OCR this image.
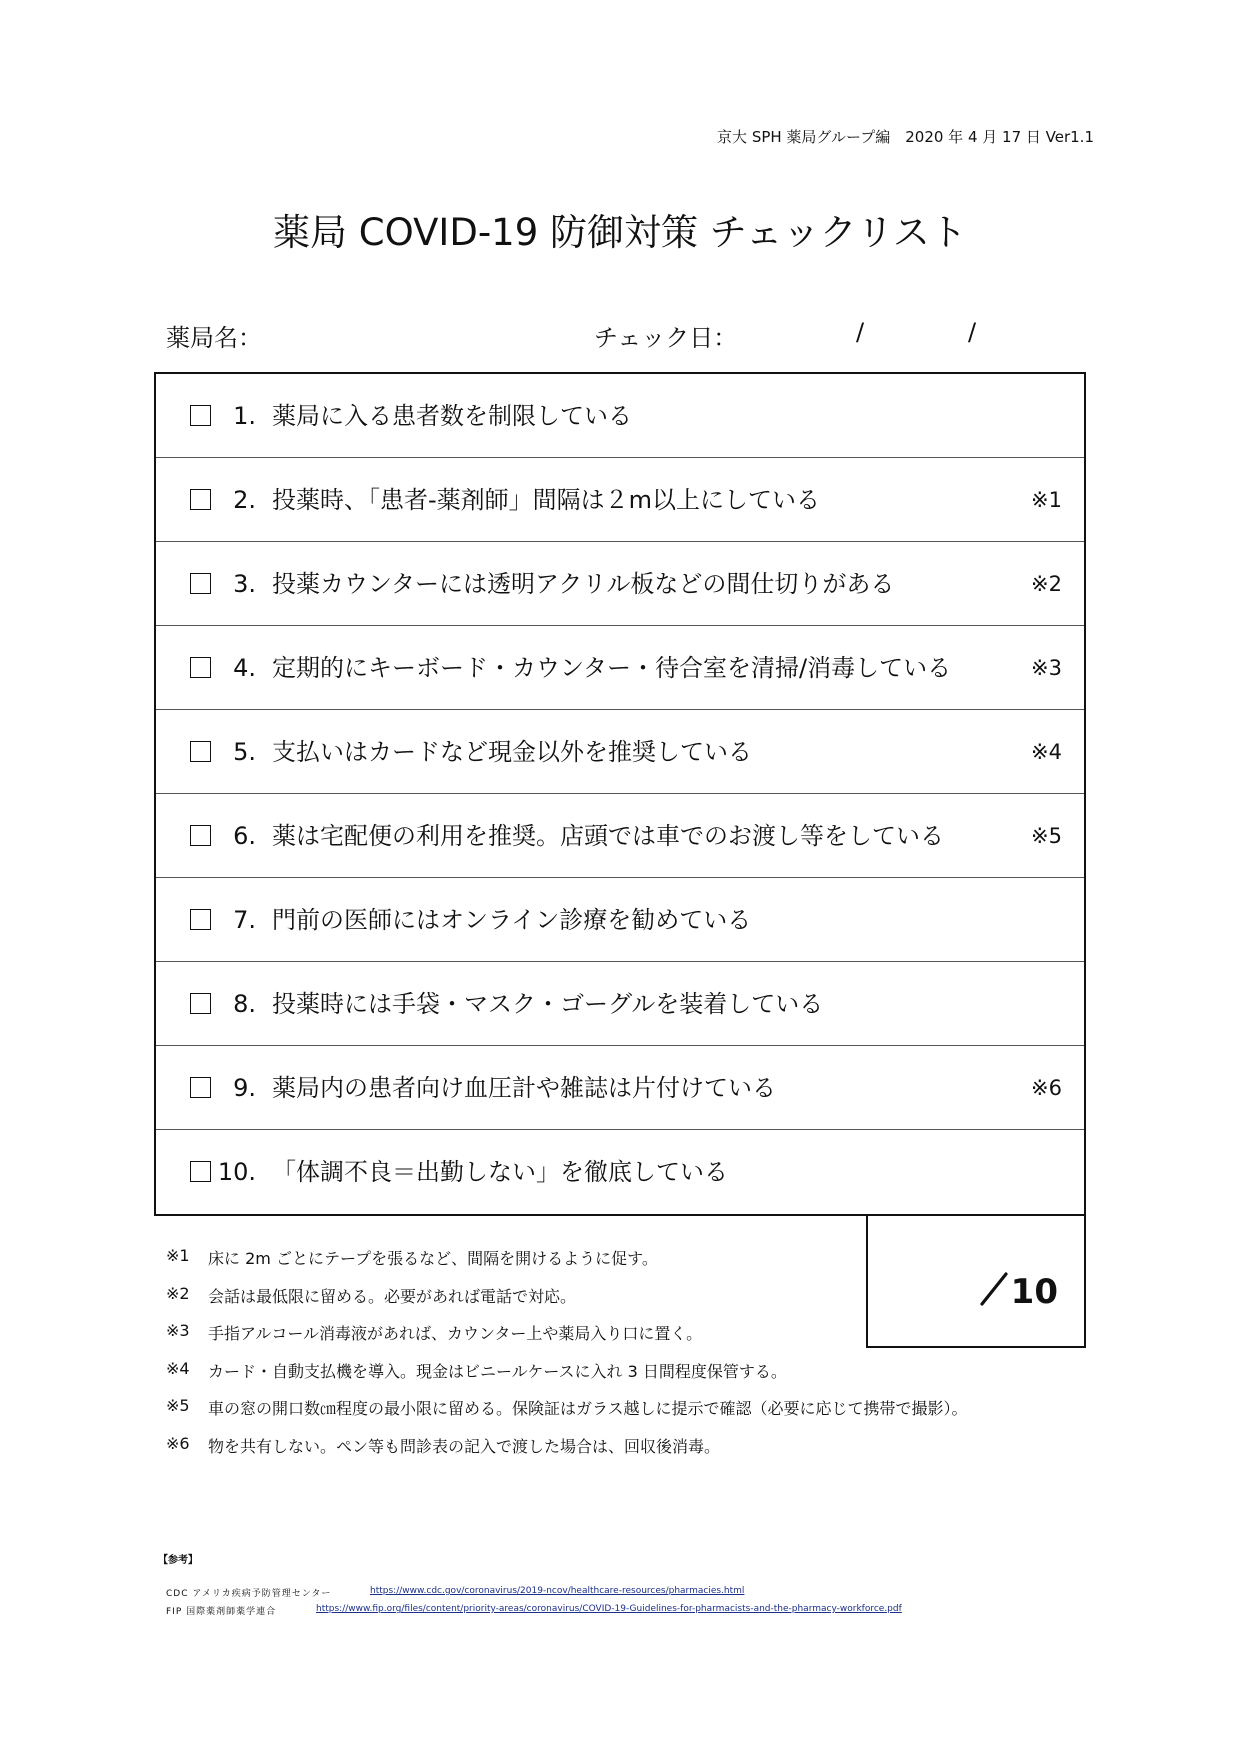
京大 SPH 薬局グループ編　2020 年 4 月 17 日 Ver1.1
薬局 COVID-19 防御対策 チェックリスト
薬局名：	チェック日：	/	/
1. 薬局に入る患者数を制限している
2. 投薬時、「患者-薬剤師」間隔は２m以上にしている	※1
3. 投薬カウンターには透明アクリル板などの間仕切りがある	※2
4. 定期的にキーボード・カウンター・待合室を清掃/消毒している	※3
5. 支払いはカードなど現金以外を推奨している	※4
6. 薬は宅配便の利用を推奨。店頭では車でのお渡し等をしている	※5
7. 門前の医師にはオンライン診療を勧めている
8. 投薬時には手袋・マスク・ゴーグルを装着している
9. 薬局内の患者向け血圧計や雑誌は片付けている	※6
10. 「体調不良＝出勤しない」を徹底している
10
※1 床に 2m ごとにテープを張るなど、間隔を開けるように促す。
※2 会話は最低限に留める。必要があれば電話で対応。
※3 手指アルコール消毒液があれば、カウンター上や薬局入り口に置く。
※4 カード・自動支払機を導入。現金はビニールケースに入れ 3 日間程度保管する。
※5 車の窓の開口数㎝程度の最小限に留める。保険証はガラス越しに提示で確認（必要に応じて携帯で撮影）。
※6 物を共有しない。ペン等も問診表の記入で渡した場合は、回収後消毒。
【参考】
CDC アメリカ疾病予防管理センター	https://www.cdc.gov/coronavirus/2019-ncov/healthcare-resources/pharmacies.html
FIP 国際薬剤師薬学連合	https://www.fip.org/files/content/priority-areas/coronavirus/COVID-19-Guidelines-for-pharmacists-and-the-pharmacy-workforce.pdf
